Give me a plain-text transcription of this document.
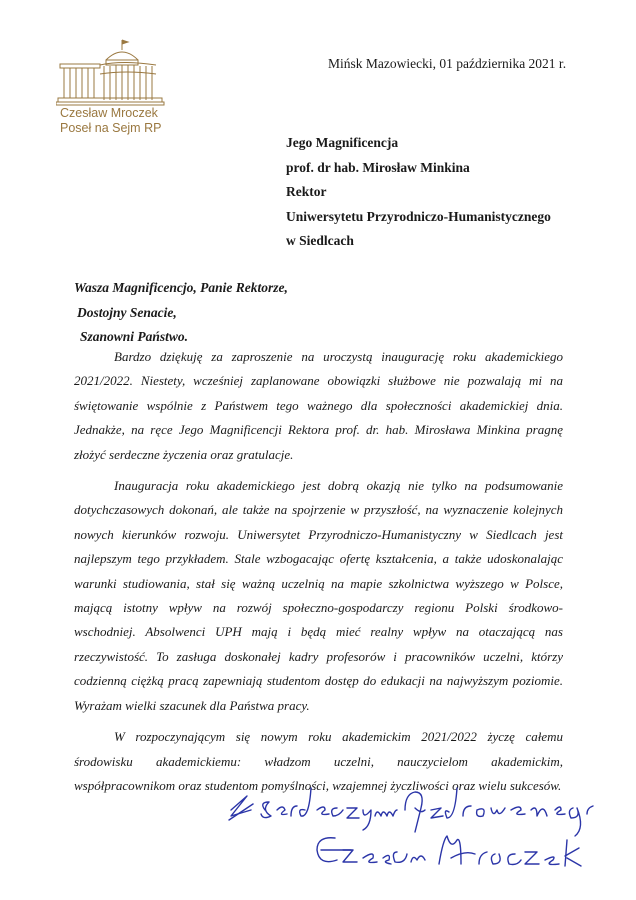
Czesław Mroczek
Poseł na Sejm RP
Mińsk Mazowiecki, 01 października 2021 r.
Jego Magnificencja
prof. dr hab. Mirosław Minkina
Rektor
Uniwersytetu Przyrodniczo-Humanistycznego
w Siedlcach
Wasza Magnificencjo, Panie Rektorze,
Dostojny Senacie,
Szanowni Państwo.

Bardzo dziękuję za zaproszenie na uroczystą inaugurację roku akademickiego 2021/2022. Niestety, wcześniej zaplanowane obowiązki służbowe nie pozwalają mi na świętowanie wspólnie z Państwem tego ważnego dla społeczności akademickiej dnia. Jednakże, na ręce Jego Magnificencji Rektora prof. dr. hab. Mirosława Minkina pragnę złożyć serdeczne życzenia oraz gratulacje.

Inauguracja roku akademickiego jest dobrą okazją nie tylko na podsumowanie dotychczasowych dokonań, ale także na spojrzenie w przyszłość, na wyznaczenie kolejnych nowych kierunków rozwoju. Uniwersytet Przyrodniczo-Humanistyczny w Siedlcach jest najlepszym tego przykładem. Stale wzbogacając ofertę kształcenia, a także udoskonalając warunki studiowania, stał się ważną uczelnią na mapie szkolnictwa wyższego w Polsce, mającą istotny wpływ na rozwój społeczno-gospodarczy regionu Polski środkowo-wschodniej. Absolwenci UPH mają i będą mieć realny wpływ na otaczającą nas rzeczywistość. To zasługa doskonałej kadry profesorów i pracowników uczelni, którzy codzienną ciężką pracą zapewniają studentom dostęp do edukacji na najwyższym poziomie. Wyrażam wielki szacunek dla Państwa pracy.

W rozpoczynającym się nowym roku akademickim 2021/2022 życzę całemu środowisku akademickiemu: władzom uczelni, nauczycielom akademickim, współpracownikom oraz studentom pomyślności, wzajemnej życzliwości oraz wielu sukcesów.
